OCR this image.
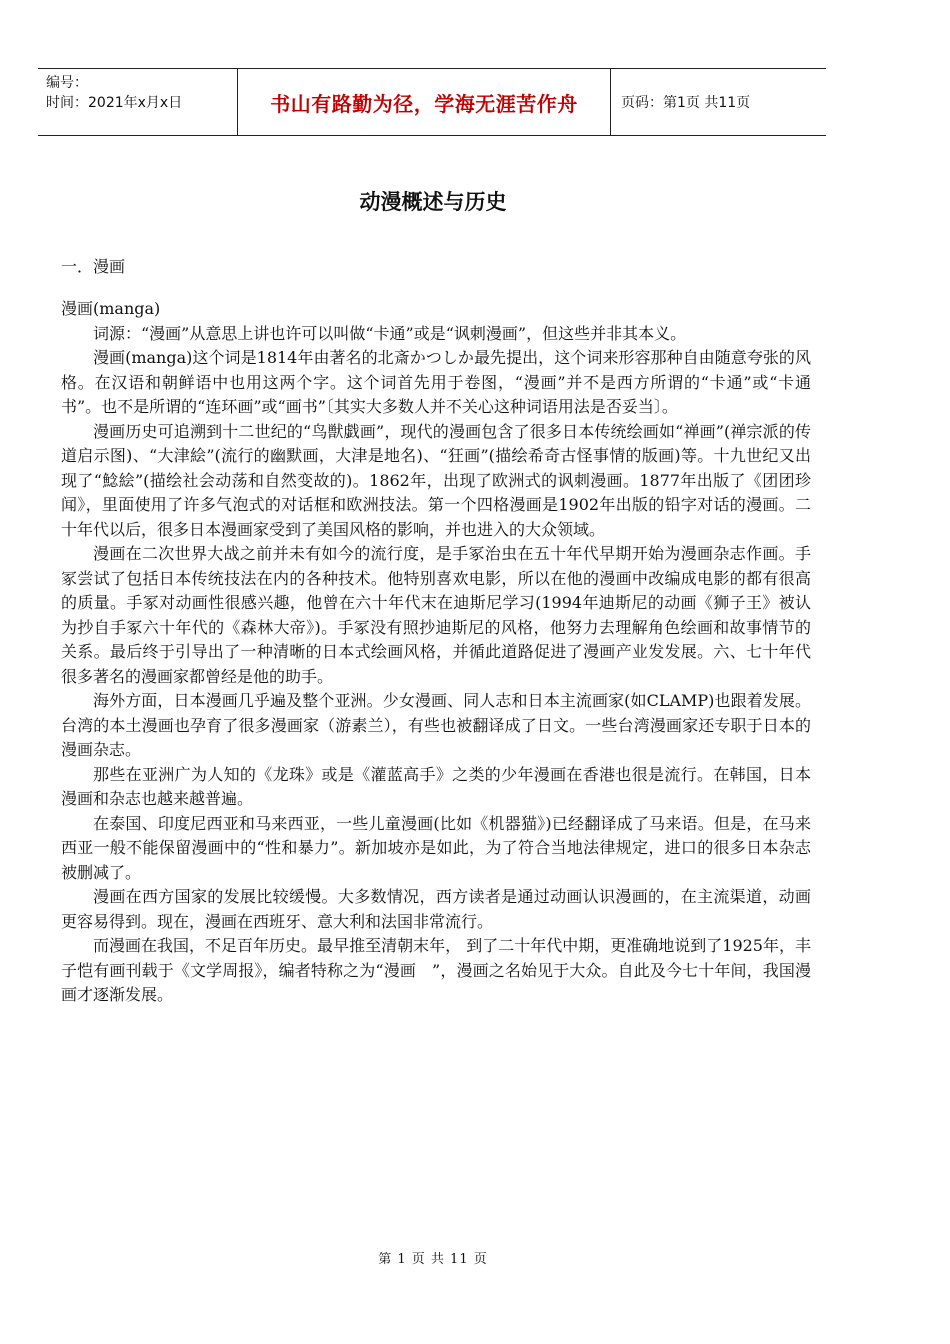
编号：
时间：2021年x月x日	书山有路勤为径，学海无涯苦作舟	页码：第1页 共11页
动漫概述与历史
一．漫画

漫画(manga)

词源：“漫画”从意思上讲也许可以叫做“卡通”或是“讽刺漫画”，但这些并非其本义。

漫画(manga)这个词是1814年由著名的北斎かつしか最先提出，这个词来形容那种自由随意夸张的风格。在汉语和朝鲜语中也用这两个字。这个词首先用于卷图，“漫画”并不是西方所谓的“卡通”或“卡通书”。也不是所谓的“连环画”或“画书”〔其实大多数人并不关心这种词语用法是否妥当〕。

漫画历史可追溯到十二世纪的“鸟獣戯画”，现代的漫画包含了很多日本传统绘画如“禅画”(禅宗派的传道启示图)、“大津絵”(流行的幽默画，大津是地名)、“狂画”(描绘希奇古怪事情的版画)等。十九世纪又出现了“鯰絵”(描绘社会动荡和自然变故的)。1862年，出现了欧洲式的讽刺漫画。1877年出版了《团团珍闻》，里面使用了许多气泡式的对话框和欧洲技法。第一个四格漫画是1902年出版的铅字对话的漫画。二十年代以后，很多日本漫画家受到了美国风格的影响，并也进入的大众领域。

漫画在二次世界大战之前并未有如今的流行度，是手冢治虫在五十年代早期开始为漫画杂志作画。手冢尝试了包括日本传统技法在内的各种技术。他特别喜欢电影，所以在他的漫画中改编成电影的都有很高的质量。手冢对动画性很感兴趣，他曾在六十年代末在迪斯尼学习(1994年迪斯尼的动画《狮子王》被认为抄自手冢六十年代的《森林大帝》)。手冢没有照抄迪斯尼的风格，他努力去理解角色绘画和故事情节的关系。最后终于引导出了一种清晰的日本式绘画风格，并循此道路促进了漫画产业发发展。六、七十年代很多著名的漫画家都曾经是他的助手。

海外方面，日本漫画几乎遍及整个亚洲。少女漫画、同人志和日本主流画家(如CLAMP)也跟着发展。台湾的本土漫画也孕育了很多漫画家（游素兰），有些也被翻译成了日文。一些台湾漫画家还专职于日本的漫画杂志。

那些在亚洲广为人知的《龙珠》或是《灌蓝高手》之类的少年漫画在香港也很是流行。在韩国，日本漫画和杂志也越来越普遍。

在泰国、印度尼西亚和马来西亚，一些儿童漫画(比如《机器猫》)已经翻译成了马来语。但是，在马来西亚一般不能保留漫画中的“性和暴力”。新加坡亦是如此，为了符合当地法律规定，进口的很多日本杂志被删减了。

漫画在西方国家的发展比较缓慢。大多数情况，西方读者是通过动画认识漫画的，在主流渠道，动画更容易得到。现在，漫画在西班牙、意大利和法国非常流行。

而漫画在我国，不足百年历史。最早推至清朝末年， 到了二十年代中期，更准确地说到了1925年，丰子恺有画刊载于《文学周报》，编者特称之为“漫画　”，漫画之名始见于大众。自此及今七十年间，我国漫画才逐渐发展。

第 1 页 共 11 页
